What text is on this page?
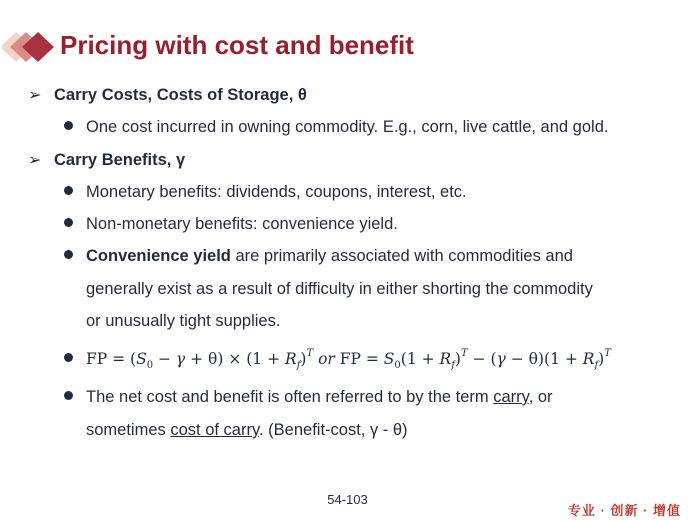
Pricing with cost and benefit
➢ Carry Costs, Costs of Storage, θ
One cost incurred in owning commodity. E.g., corn, live cattle, and gold.
➢ Carry Benefits, γ
Monetary benefits: dividends, coupons, interest, etc.
Non-monetary benefits: convenience yield.
Convenience yield are primarily associated with commodities and
generally exist as a result of difficulty in either shorting the commodity
or unusually tight supplies.
FP = $(S_0 - \gamma + \theta) \times (1 + R_f)^T$ or FP = $S_0(1 + R_f)^T - (\gamma - \theta)(1 + R_f)^T$
The net cost and benefit is often referred to by the term carry, or
sometimes cost of carry. (Benefit-cost, γ - θ)
54-103
专业 · 创新 · 增值
